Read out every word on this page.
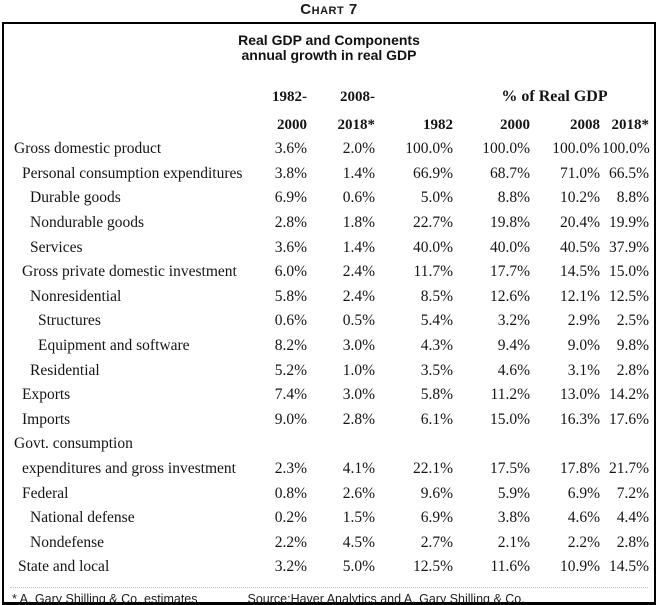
Chart 7
Real GDP and Components
annual growth in real GDP
	1982-	2008-		% of Real GDP		
	2000	2018*	1982	2000	2008	2018*
Gross domestic product	3.6%	2.0%	100.0%	100.0%	100.0%	100.0%
Personal consumption expenditures	3.8%	1.4%	66.9%	68.7%	71.0%	66.5%
Durable goods	6.9%	0.6%	5.0%	8.8%	10.2%	8.8%
Nondurable goods	2.8%	1.8%	22.7%	19.8%	20.4%	19.9%
Services	3.6%	1.4%	40.0%	40.0%	40.5%	37.9%
Gross private domestic investment	6.0%	2.4%	11.7%	17.7%	14.5%	15.0%
Nonresidential	5.8%	2.4%	8.5%	12.6%	12.1%	12.5%
Structures	0.6%	0.5%	5.4%	3.2%	2.9%	2.5%
Equipment and software	8.2%	3.0%	4.3%	9.4%	9.0%	9.8%
Residential	5.2%	1.0%	3.5%	4.6%	3.1%	2.8%
Exports	7.4%	3.0%	5.8%	11.2%	13.0%	14.2%
Imports	9.0%	2.8%	6.1%	15.0%	16.3%	17.6%
Govt. consumption						
expenditures and gross investment	2.3%	4.1%	22.1%	17.5%	17.8%	21.7%
Federal	0.8%	2.6%	9.6%	5.9%	6.9%	7.2%
National defense	0.2%	1.5%	6.9%	3.8%	4.6%	4.4%
Nondefense	2.2%	4.5%	2.7%	2.1%	2.2%	2.8%
State and local	3.2%	5.0%	12.5%	11.6%	10.9%	14.5%
* A. Gary Shilling & Co. estimates	Source:Haver Analytics and A. Gary Shilling & Co.
